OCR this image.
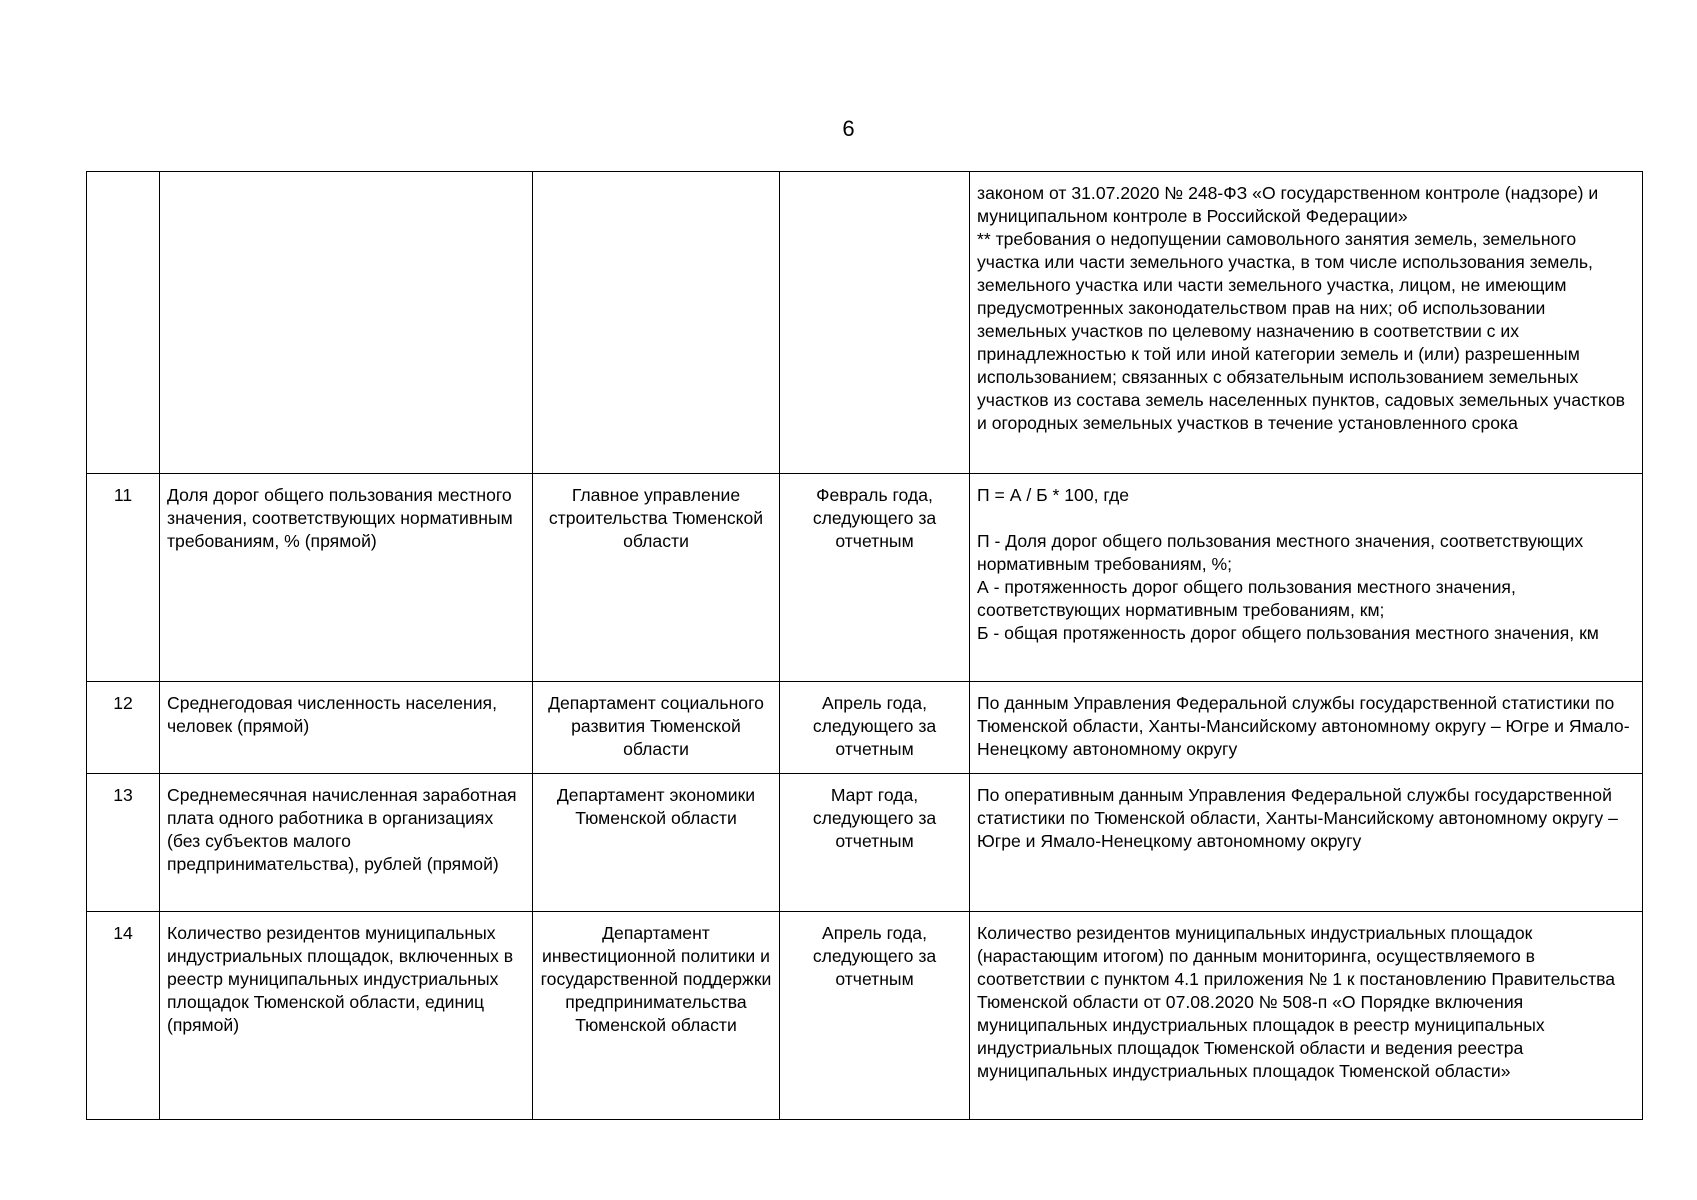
6
				законом от 31.07.2020 № 248-ФЗ «О государственном контроле (надзоре) и муниципальном контроле в Российской Федерации»
** требования о недопущении самовольного занятия земель, земельного участка или части земельного участка, в том числе использования земель, земельного участка или части земельного участка, лицом, не имеющим предусмотренных законодательством прав на них; об использовании земельных участков по целевому назначению в соответствии с их принадлежностью к той или иной категории земель и (или) разрешенным использованием; связанных с обязательным использованием земельных участков из состава земель населенных пунктов, садовых земельных участков и огородных земельных участков в течение установленного срока
11	Доля дорог общего пользования местного значения, соответствующих нормативным требованиям, % (прямой)	Главное управление строительства Тюменской области	Февраль года, следующего за отчетным	П = А / Б * 100, где

П - Доля дорог общего пользования местного значения, соответствующих нормативным требованиям, %;
А - протяженность дорог общего пользования местного значения, соответствующих нормативным требованиям, км;
Б - общая протяженность дорог общего пользования местного значения, км
12	Среднегодовая численность населения, человек (прямой)	Департамент социального развития Тюменской области	Апрель года, следующего за отчетным	По данным Управления Федеральной службы государственной статистики по Тюменской области, Ханты-Мансийскому автономному округу – Югре и Ямало-Ненецкому автономному округу
13	Среднемесячная начисленная заработная плата одного работника в организациях (без субъектов малого предпринимательства), рублей (прямой)	Департамент экономики Тюменской области	Март года, следующего за отчетным	По оперативным данным Управления Федеральной службы государственной статистики по Тюменской области, Ханты-Мансийскому автономному округу – Югре и Ямало-Ненецкому автономному округу
14	Количество резидентов муниципальных индустриальных площадок, включенных в реестр муниципальных индустриальных площадок Тюменской области, единиц (прямой)	Департамент инвестиционной политики и государственной поддержки предпринимательства Тюменской области	Апрель года, следующего за отчетным	Количество резидентов муниципальных индустриальных площадок (нарастающим итогом) по данным мониторинга, осуществляемого в соответствии с пунктом 4.1 приложения № 1 к постановлению Правительства Тюменской области от 07.08.2020 № 508-п «О Порядке включения муниципальных индустриальных площадок в реестр муниципальных индустриальных площадок Тюменской области и ведения реестра муниципальных индустриальных площадок Тюменской области»
